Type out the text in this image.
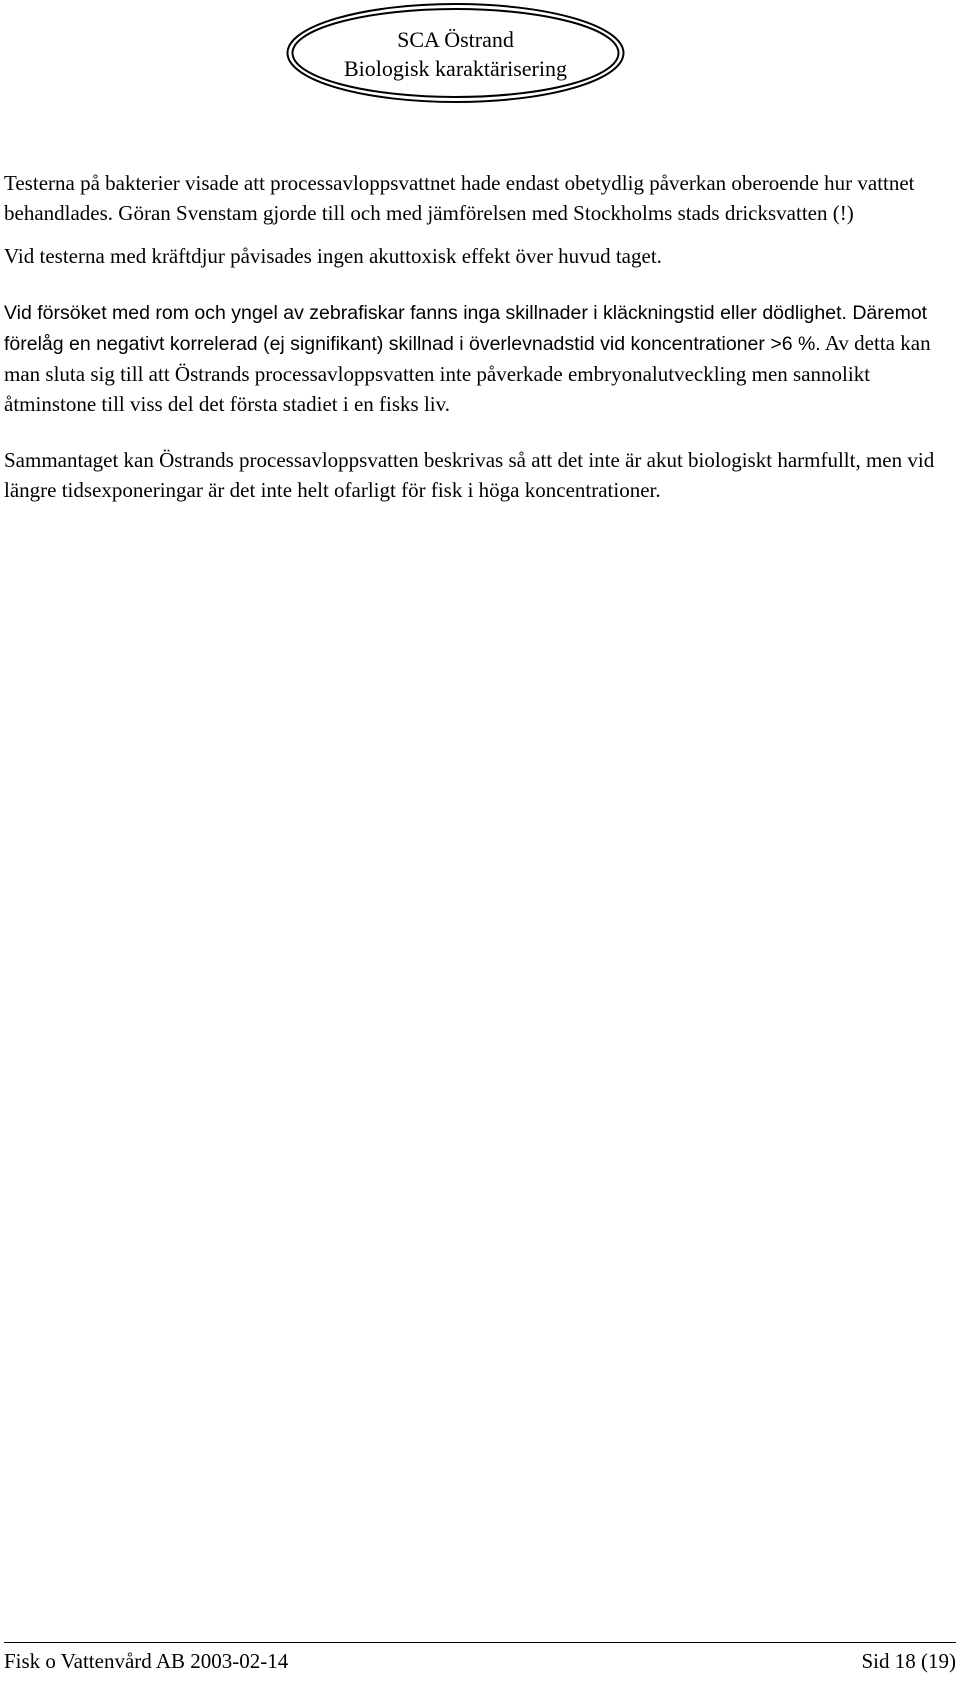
SCA Östrand
Biologisk karaktärisering

Testerna på bakterier visade att processavloppsvattnet hade endast obetydlig påverkan oberoende hur vattnet behandlades. Göran Svenstam gjorde till och med jämförelsen med Stockholms stads dricksvatten (!)

Vid testerna med kräftdjur påvisades ingen akuttoxisk effekt över huvud taget.

Vid försöket med rom och yngel av zebrafiskar fanns inga skillnader i kläckningstid eller dödlighet. Däremot förelåg en negativt korrelerad (ej signifikant) skillnad i överlevnadstid vid koncentrationer >6 %. Av detta kan man sluta sig till att Östrands processavloppsvatten inte påverkade embryonalutveckling men sannolikt åtminstone till viss del det första stadiet i en fisks liv.

Sammantaget kan Östrands processavloppsvatten beskrivas så att det inte är akut biologiskt harmfullt, men vid längre tidsexponeringar är det inte helt ofarligt för fisk i höga koncentrationer.

Fisk o Vattenvård AB 2003-02-14	Sid 18 (19)
